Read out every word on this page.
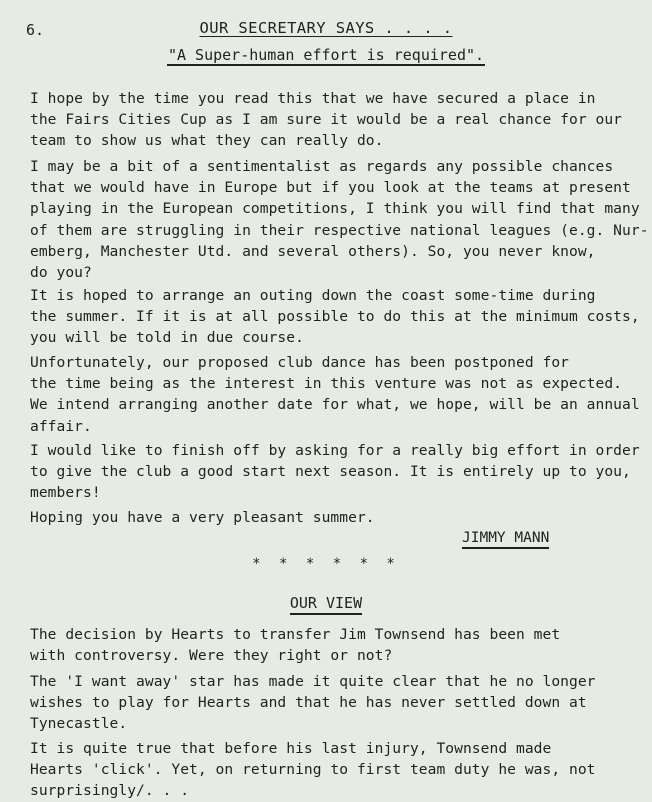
6.	OUR SECRETARY SAYS . . . .
"A Super-human effort is required".

I hope by the time you read this that we have secured a place in
the Fairs Cities Cup as I am sure it would be a real chance for our
team to show us what they can really do.

I may be a bit of a sentimentalist as regards any possible chances
that we would have in Europe but if you look at the teams at present
playing in the European competitions, I think you will find that many
of them are struggling in their respective national leagues (e.g. Nur-
emberg, Manchester Utd. and several others). So, you never know,
do you?

It is hoped to arrange an outing down the coast some-time during
the summer. If it is at all possible to do this at the minimum costs,
you will be told in due course.

Unfortunately, our proposed club dance has been postponed for
the time being as the interest in this venture was not as expected.
We intend arranging another date for what, we hope, will be an annual
affair.

I would like to finish off by asking for a really big effort in order
to give the club a good start next season. It is entirely up to you,
members!

Hoping you have a very pleasant summer.

JIMMY MANN
* * * * * *
OUR VIEW

The decision by Hearts to transfer Jim Townsend has been met
with controversy. Were they right or not?

The 'I want away' star has made it quite clear that he no longer
wishes to play for Hearts and that he has never settled down at
Tynecastle.

It is quite true that before his last injury, Townsend made
Hearts 'click'. Yet, on returning to first team duty he was, not
surprisingly/. . .
